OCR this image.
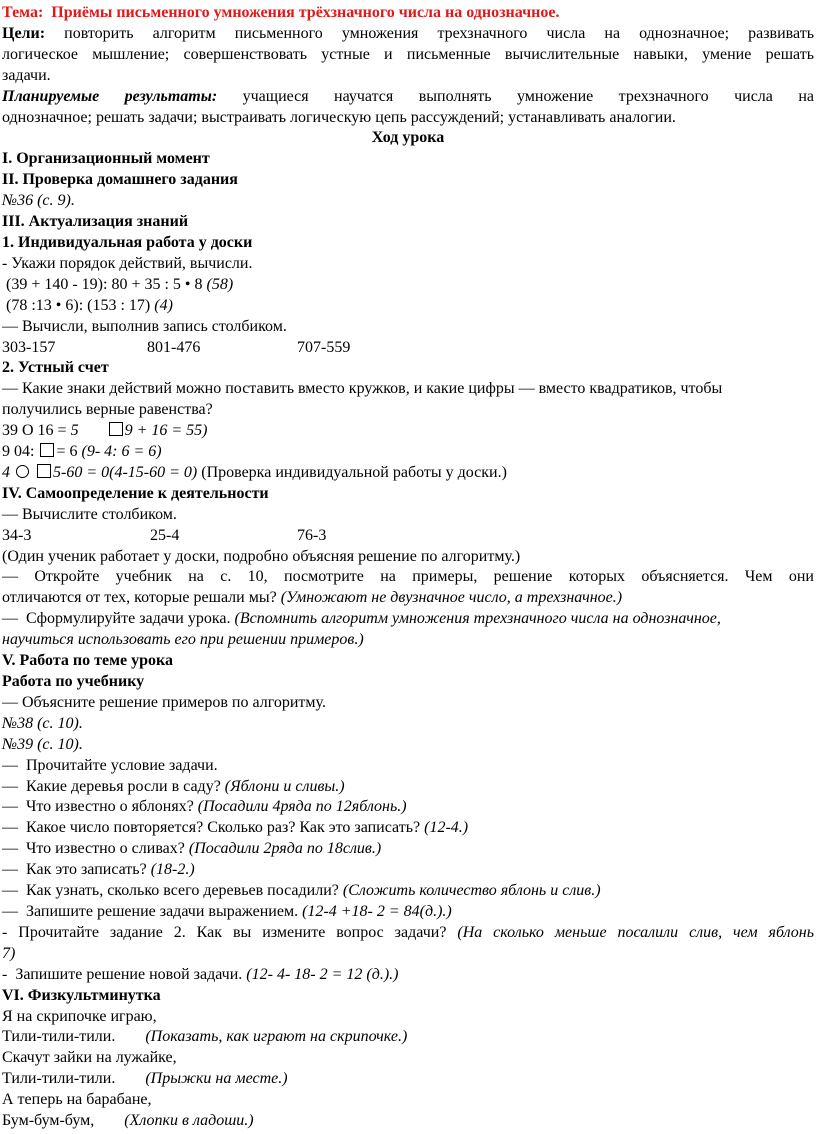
Тема: Приёмы письменного умножения трёхзначного числа на однозначное.
Цели: повторить алгоритм письменного умножения трехзначного числа на однозначное; развивать
логическое мышление; совершенствовать устные и письменные вычислительные навыки, умение решать
задачи.
Планируемые результаты: учащиеся научатся выполнять умножение трехзначного числа на
однозначное; решать задачи; выстраивать логическую цепь рассуждений; устанавливать аналогии.
Ход урока
I. Организационный момент
II. Проверка домашнего задания
№36 (с. 9).
III. Актуализация знаний
1. Индивидуальная работа у доски
- Укажи порядок действий, вычисли.
(39 + 140 - 19): 80 + 35 : 5 • 8 (58)
(78 :13 • 6): (153 : 17) (4)
— Вычисли, выполнив запись столбиком.
303-157	801-476	707-559
2. Устный счет
— Какие знаки действий можно поставить вместо кружков, и какие цифры — вместо квадратиков, чтобы
получились верные равенства?
39 О 16 = 5	9 + 16 = 55)
9 04: = 6 (9- 4: 6 = 6)
4	5-60 = 0(4-15-60 = 0) (Проверка индивидуальной работы у доски.)
IV. Самоопределение к деятельности
— Вычислите столбиком.
34-3	25-4	76-3
(Один ученик работает у доски, подробно объясняя решение по алгоритму.)
— Откройте учебник на с. 10, посмотрите на примеры, решение которых объясняется. Чем они
отличаются от тех, которые решали мы? (Умножают не двузначное число, а трехзначное.)
—  Сформулируйте задачи урока. (Вспомнить алгоритм умножения трехзначного числа на однозначное,
научиться использовать его при решении примеров.)
V. Работа по теме урока
Работа по учебнику
— Объясните решение примеров по алгоритму.
№38 (с. 10).
№39 (с. 10).
—  Прочитайте условие задачи.
—  Какие деревья росли в саду? (Яблони и сливы.)
—  Что известно о яблонях? (Посадили 4ряда по 12яблонь.)
—  Какое число повторяется? Сколько раз? Как это записать? (12-4.)
—  Что известно о сливах? (Посадили 2ряда по 18слив.)
—  Как это записать? (18-2.)
—  Как узнать, сколько всего деревьев посадили? (Сложить количество яблонь и слив.)
—  Запишите решение задачи выражением. (12-4 +18- 2 = 84(д.).)
- Прочитайте задание 2. Как вы измените вопрос задачи? (На сколько меньше посалили слив, чем яблонь
7)
-  Запишите решение новой задачи. (12- 4- 18- 2 = 12 (д.).)
VI. Физкультминутка
Я на скрипочке играю,
Тили-тили-тили. (Показать, как играют на скрипочке.)
Скачут зайки на лужайке,
Тили-тили-тили. (Прыжки на месте.)
А теперь на барабане,
Бум-бум-бум, (Хлопки в ладоши.)
